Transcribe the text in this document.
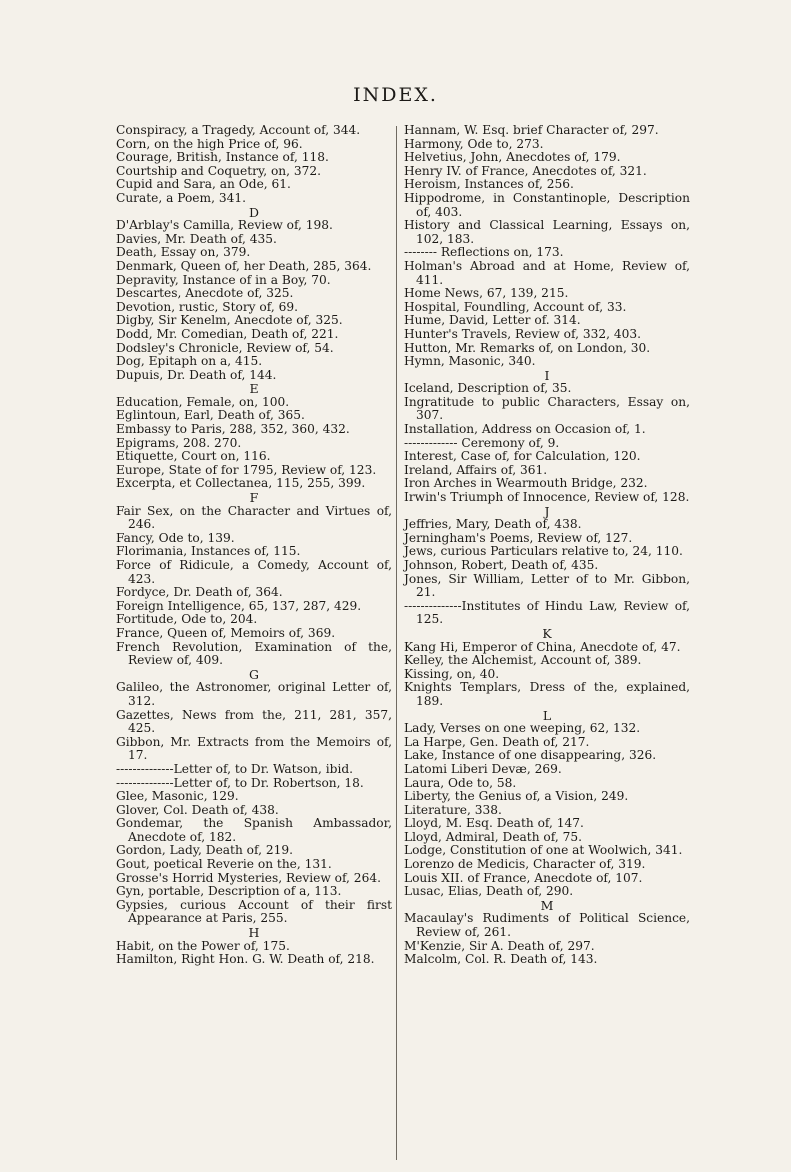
INDEX.
Conspiracy, a Tragedy, Account of, 344.
Corn, on the high Price of, 96.
Courage, British, Instance of, 118.
Courtship and Coquetry, on, 372.
Cupid and Sara, an Ode, 61.
Curate, a Poem, 341.
D
D'Arblay's Camilla, Review of, 198.
Davies, Mr. Death of, 435.
Death, Essay on, 379.
Denmark, Queen of, her Death, 285, 364.
Depravity, Instance of in a Boy, 70.
Descartes, Anecdote of, 325.
Devotion, rustic, Story of, 69.
Digby, Sir Kenelm, Anecdote of, 325.
Dodd, Mr. Comedian, Death of, 221.
Dodsley's Chronicle, Review of, 54.
Dog, Epitaph on a, 415.
Dupuis, Dr. Death of, 144.
E
Education, Female, on, 100.
Eglintoun, Earl, Death of, 365.
Embassy to Paris, 288, 352, 360, 432.
Epigrams, 208. 270.
Etiquette, Court on, 116.
Europe, State of for 1795, Review of, 123.
Excerpta, et Collectanea, 115, 255, 399.
F
Fair Sex, on the Character and Virtues of, 246.
Fancy, Ode to, 139.
Florimania, Instances of, 115.
Force of Ridicule, a Comedy, Account of, 423.
Fordyce, Dr. Death of, 364.
Foreign Intelligence, 65, 137, 287, 429.
Fortitude, Ode to, 204.
France, Queen of, Memoirs of, 369.
French Revolution, Examination of the, Review of, 409.
G
Galileo, the Astronomer, original Letter of, 312.
Gazettes, News from the, 211, 281, 357, 425.
Gibbon, Mr. Extracts from the Memoirs of, 17.
--------------Letter of, to Dr. Watson, ibid.
--------------Letter of, to Dr. Robertson, 18.
Glee, Masonic, 129.
Glover, Col. Death of, 438.
Gondemar, the Spanish Ambassador, Anecdote of, 182.
Gordon, Lady, Death of, 219.
Gout, poetical Reverie on the, 131.
Grosse's Horrid Mysteries, Review of, 264.
Gyn, portable, Description of a, 113.
Gypsies, curious Account of their first Appearance at Paris, 255.
H
Habit, on the Power of, 175.
Hamilton, Right Hon. G. W. Death of, 218.
Hannam, W. Esq. brief Character of, 297.
Harmony, Ode to, 273.
Helvetius, John, Anecdotes of, 179.
Henry IV. of France, Anecdotes of, 321.
Heroism, Instances of, 256.
Hippodrome, in Constantinople, Description of, 403.
History and Classical Learning, Essays on, 102, 183.
-------- Reflections on, 173.
Holman's Abroad and at Home, Review of, 411.
Home News, 67, 139, 215.
Hospital, Foundling, Account of, 33.
Hume, David, Letter of. 314.
Hunter's Travels, Review of, 332, 403.
Hutton, Mr. Remarks of, on London, 30.
Hymn, Masonic, 340.
I
Iceland, Description of, 35.
Ingratitude to public Characters, Essay on, 307.
Installation, Address on Occasion of, 1.
------------- Ceremony of, 9.
Interest, Case of, for Calculation, 120.
Ireland, Affairs of, 361.
Iron Arches in Wearmouth Bridge, 232.
Irwin's Triumph of Innocence, Review of, 128.
J
Jeffries, Mary, Death of, 438.
Jerningham's Poems, Review of, 127.
Jews, curious Particulars relative to, 24, 110.
Johnson, Robert, Death of, 435.
Jones, Sir William, Letter of to Mr. Gibbon, 21.
--------------Institutes of Hindu Law, Review of, 125.
K
Kang Hi, Emperor of China, Anecdote of, 47.
Kelley, the Alchemist, Account of, 389.
Kissing, on, 40.
Knights Templars, Dress of the, explained, 189.
L
Lady, Verses on one weeping, 62, 132.
La Harpe, Gen. Death of, 217.
Lake, Instance of one disappearing, 326.
Latomi Liberi Devæ, 269.
Laura, Ode to, 58.
Liberty, the Genius of, a Vision, 249.
Literature, 338.
Lloyd, M. Esq. Death of, 147.
Lloyd, Admiral, Death of, 75.
Lodge, Constitution of one at Woolwich, 341.
Lorenzo de Medicis, Character of, 319.
Louis XII. of France, Anecdote of, 107.
Lusac, Elias, Death of, 290.
M
Macaulay's Rudiments of Political Science, Review of, 261.
M'Kenzie, Sir A. Death of, 297.
Malcolm, Col. R. Death of, 143.
